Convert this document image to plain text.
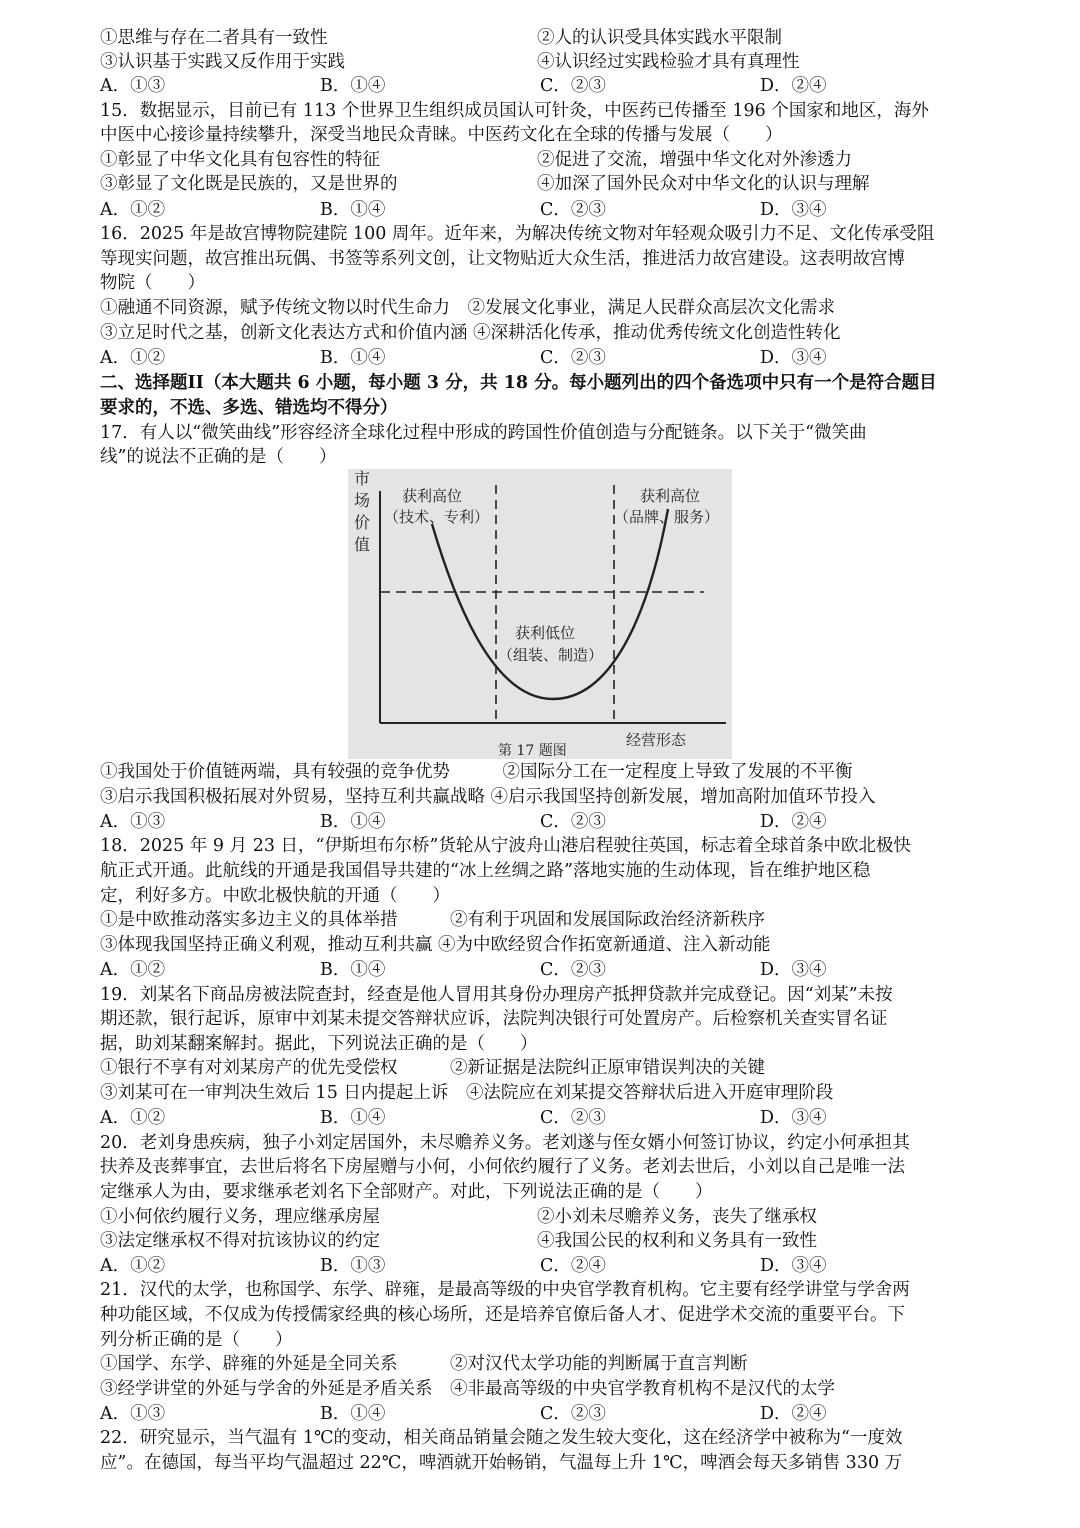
①思维与存在二者具有一致性	②人的认识受具体实践水平限制
③认识基于实践又反作用于实践	④认识经过实践检验才具有真理性
A．①③	B．①④	C．②③	D．②④
15．数据显示，目前已有 113 个世界卫生组织成员国认可针灸，中医药已传播至 196 个国家和地区，海外
中医中心接诊量持续攀升，深受当地民众青睐。中医药文化在全球的传播与发展（　　）
①彰显了中华文化具有包容性的特征	②促进了交流，增强中华文化对外渗透力
③彰显了文化既是民族的，又是世界的	④加深了国外民众对中华文化的认识与理解
A．①②	B．①④	C．②③	D．③④
16．2025 年是故宫博物院建院 100 周年。近年来，为解决传统文物对年轻观众吸引力不足、文化传承受阻
等现实问题，故宫推出玩偶、书签等系列文创，让文物贴近大众生活，推进活力故宫建设。这表明故宫博
物院（　　）
①融通不同资源，赋予传统文物以时代生命力　②发展文化事业，满足人民群众高层次文化需求
③立足时代之基，创新文化表达方式和价值内涵 ④深耕活化传承，推动优秀传统文化创造性转化
A．①②	B．①④	C．②③	D．③④
二、选择题II（本大题共 6 小题，每小题 3 分，共 18 分。每小题列出的四个备选项中只有一个是符合题目
要求的，不选、多选、错选均不得分）
17．有人以“微笑曲线”形容经济全球化过程中形成的跨国性价值创造与分配链条。以下关于“微笑曲
线”的说法不正确的是（　　）
市
场
价
值
获利高位
（技术、专利）
获利高位
（品牌、服务）
获利低位
（组装、制造）
经营形态
第 17 题图
①我国处于价值链两端，具有较强的竞争优势　　　②国际分工在一定程度上导致了发展的不平衡
③启示我国积极拓展对外贸易，坚持互利共赢战略 ④启示我国坚持创新发展，增加高附加值环节投入
A．①③	B．①④	C．②③	D．②④
18．2025 年 9 月 23 日，“伊斯坦布尔桥”货轮从宁波舟山港启程驶往英国，标志着全球首条中欧北极快
航正式开通。此航线的开通是我国倡导共建的“冰上丝绸之路”落地实施的生动体现，旨在维护地区稳
定，利好多方。中欧北极快航的开通（　　）
①是中欧推动落实多边主义的具体举措　　　②有利于巩固和发展国际政治经济新秩序
③体现我国坚持正确义利观，推动互利共赢 ④为中欧经贸合作拓宽新通道、注入新动能
A．①②	B．①④	C．②③	D．③④
19．刘某名下商品房被法院查封，经查是他人冒用其身份办理房产抵押贷款并完成登记。因“刘某”未按
期还款，银行起诉，原审中刘某未提交答辩状应诉，法院判决银行可处置房产。后检察机关查实冒名证
据，助刘某翻案解封。据此，下列说法正确的是（　　）
①银行不享有对刘某房产的优先受偿权　　　②新证据是法院纠正原审错误判决的关键
③刘某可在一审判决生效后 15 日内提起上诉　④法院应在刘某提交答辩状后进入开庭审理阶段
A．①②	B．①④	C．②③	D．③④
20．老刘身患疾病，独子小刘定居国外，未尽赡养义务。老刘遂与侄女婿小何签订协议，约定小何承担其
扶养及丧葬事宜，去世后将名下房屋赠与小何，小何依约履行了义务。老刘去世后，小刘以自己是唯一法
定继承人为由，要求继承老刘名下全部财产。对此，下列说法正确的是（　　）
①小何依约履行义务，理应继承房屋	②小刘未尽赡养义务，丧失了继承权
③法定继承权不得对抗该协议的约定	④我国公民的权利和义务具有一致性
A．①②	B．①③	C．②④	D．③④
21．汉代的太学，也称国学、东学、辟雍，是最高等级的中央官学教育机构。它主要有经学讲堂与学舍两
种功能区域，不仅成为传授儒家经典的核心场所，还是培养官僚后备人才、促进学术交流的重要平台。下
列分析正确的是（　　）
①国学、东学、辟雍的外延是全同关系　　　②对汉代太学功能的判断属于直言判断
③经学讲堂的外延与学舍的外延是矛盾关系　④非最高等级的中央官学教育机构不是汉代的太学
A．①③	B．①④	C．②③	D．②④
22．研究显示，当气温有 1℃的变动，相关商品销量会随之发生较大变化，这在经济学中被称为“一度效
应”。在德国，每当平均气温超过 22℃，啤酒就开始畅销，气温每上升 1℃，啤酒会每天多销售 330 万
